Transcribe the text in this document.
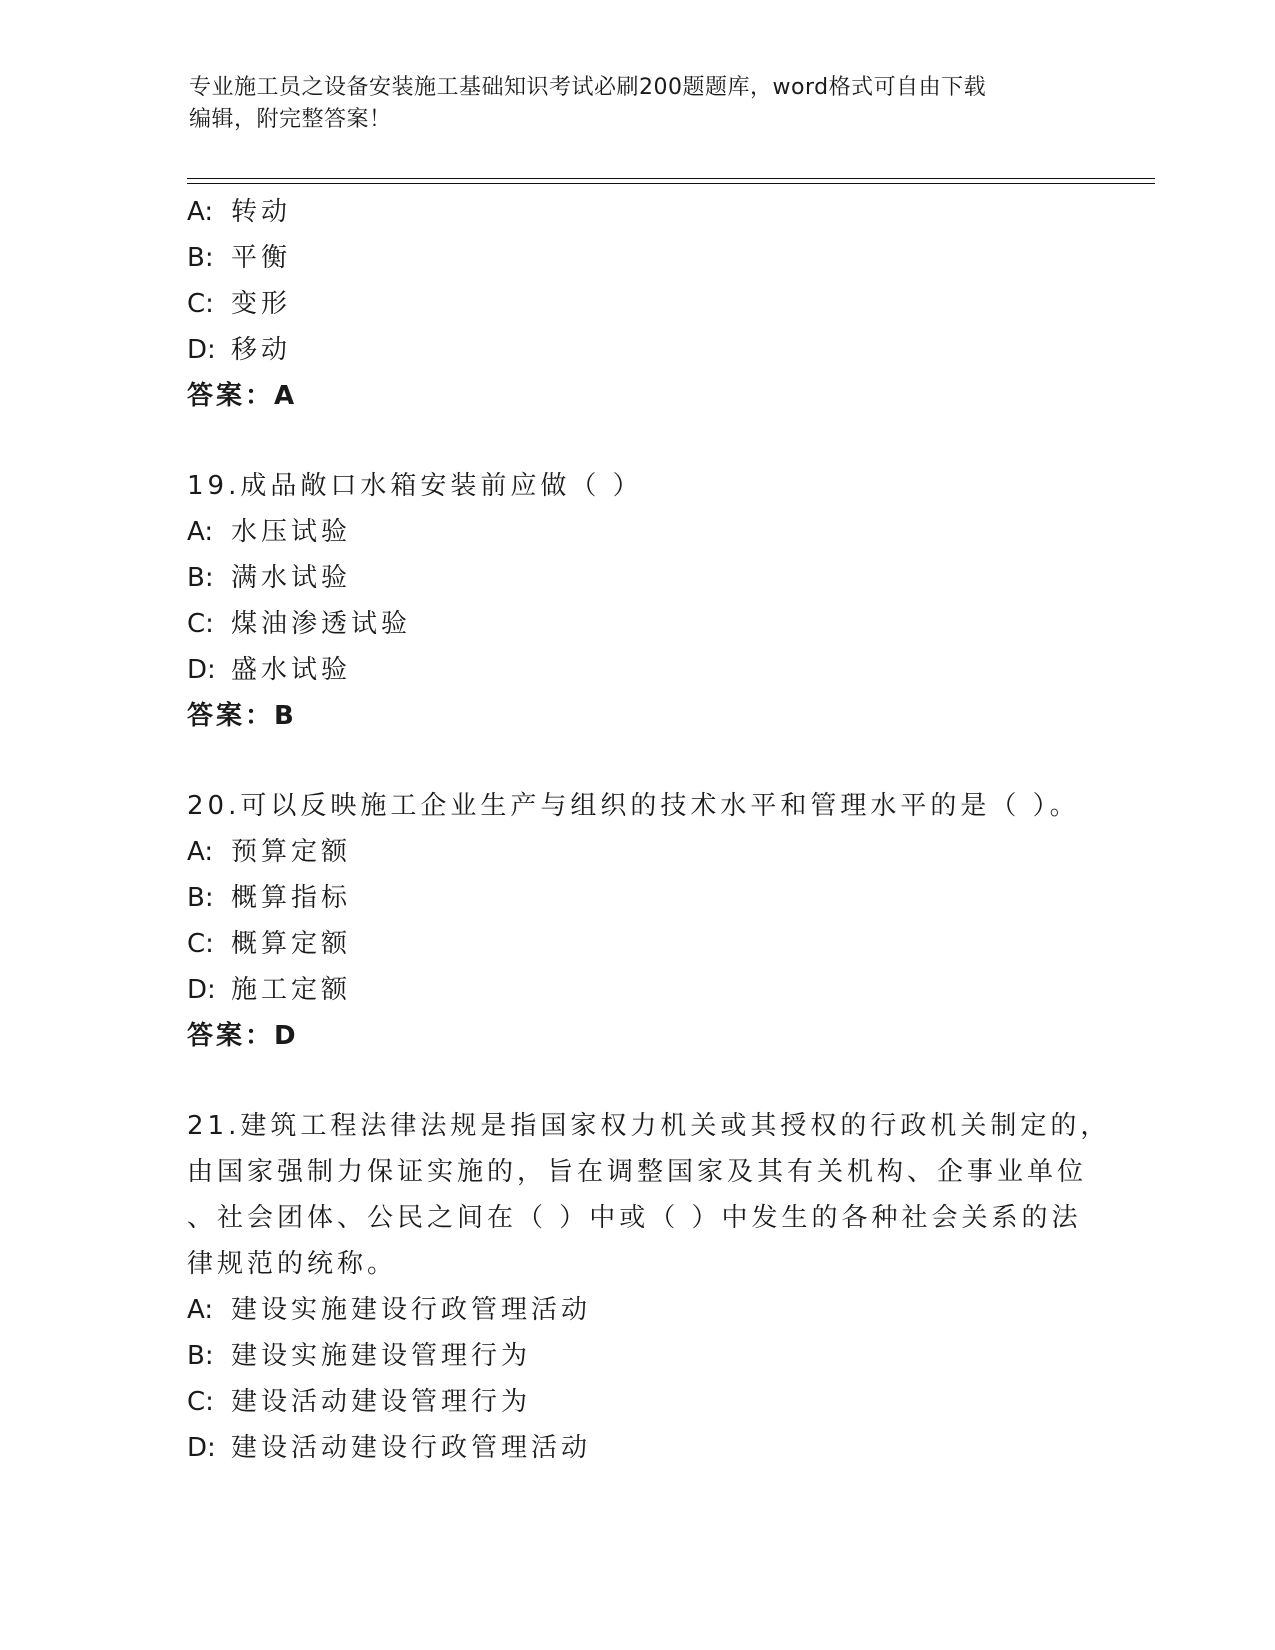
专业施工员之设备安装施工基础知识考试必刷200题题库，word格式可自由下载
编辑，附完整答案！
A: 转动
B: 平衡
C: 变形
D: 移动
答案：A
19.成品敞口水箱安装前应做（ ）
A: 水压试验
B: 满水试验
C: 煤油渗透试验
D: 盛水试验
答案：B
20.可以反映施工企业生产与组织的技术水平和管理水平的是（ ）。
A: 预算定额
B: 概算指标
C: 概算定额
D: 施工定额
答案：D
21.建筑工程法律法规是指国家权力机关或其授权的行政机关制定的，
由国家强制力保证实施的，旨在调整国家及其有关机构、企事业单位
、社会团体、公民之间在（ ）中或（ ）中发生的各种社会关系的法
律规范的统称。
A: 建设实施建设行政管理活动
B: 建设实施建设管理行为
C: 建设活动建设管理行为
D: 建设活动建设行政管理活动
